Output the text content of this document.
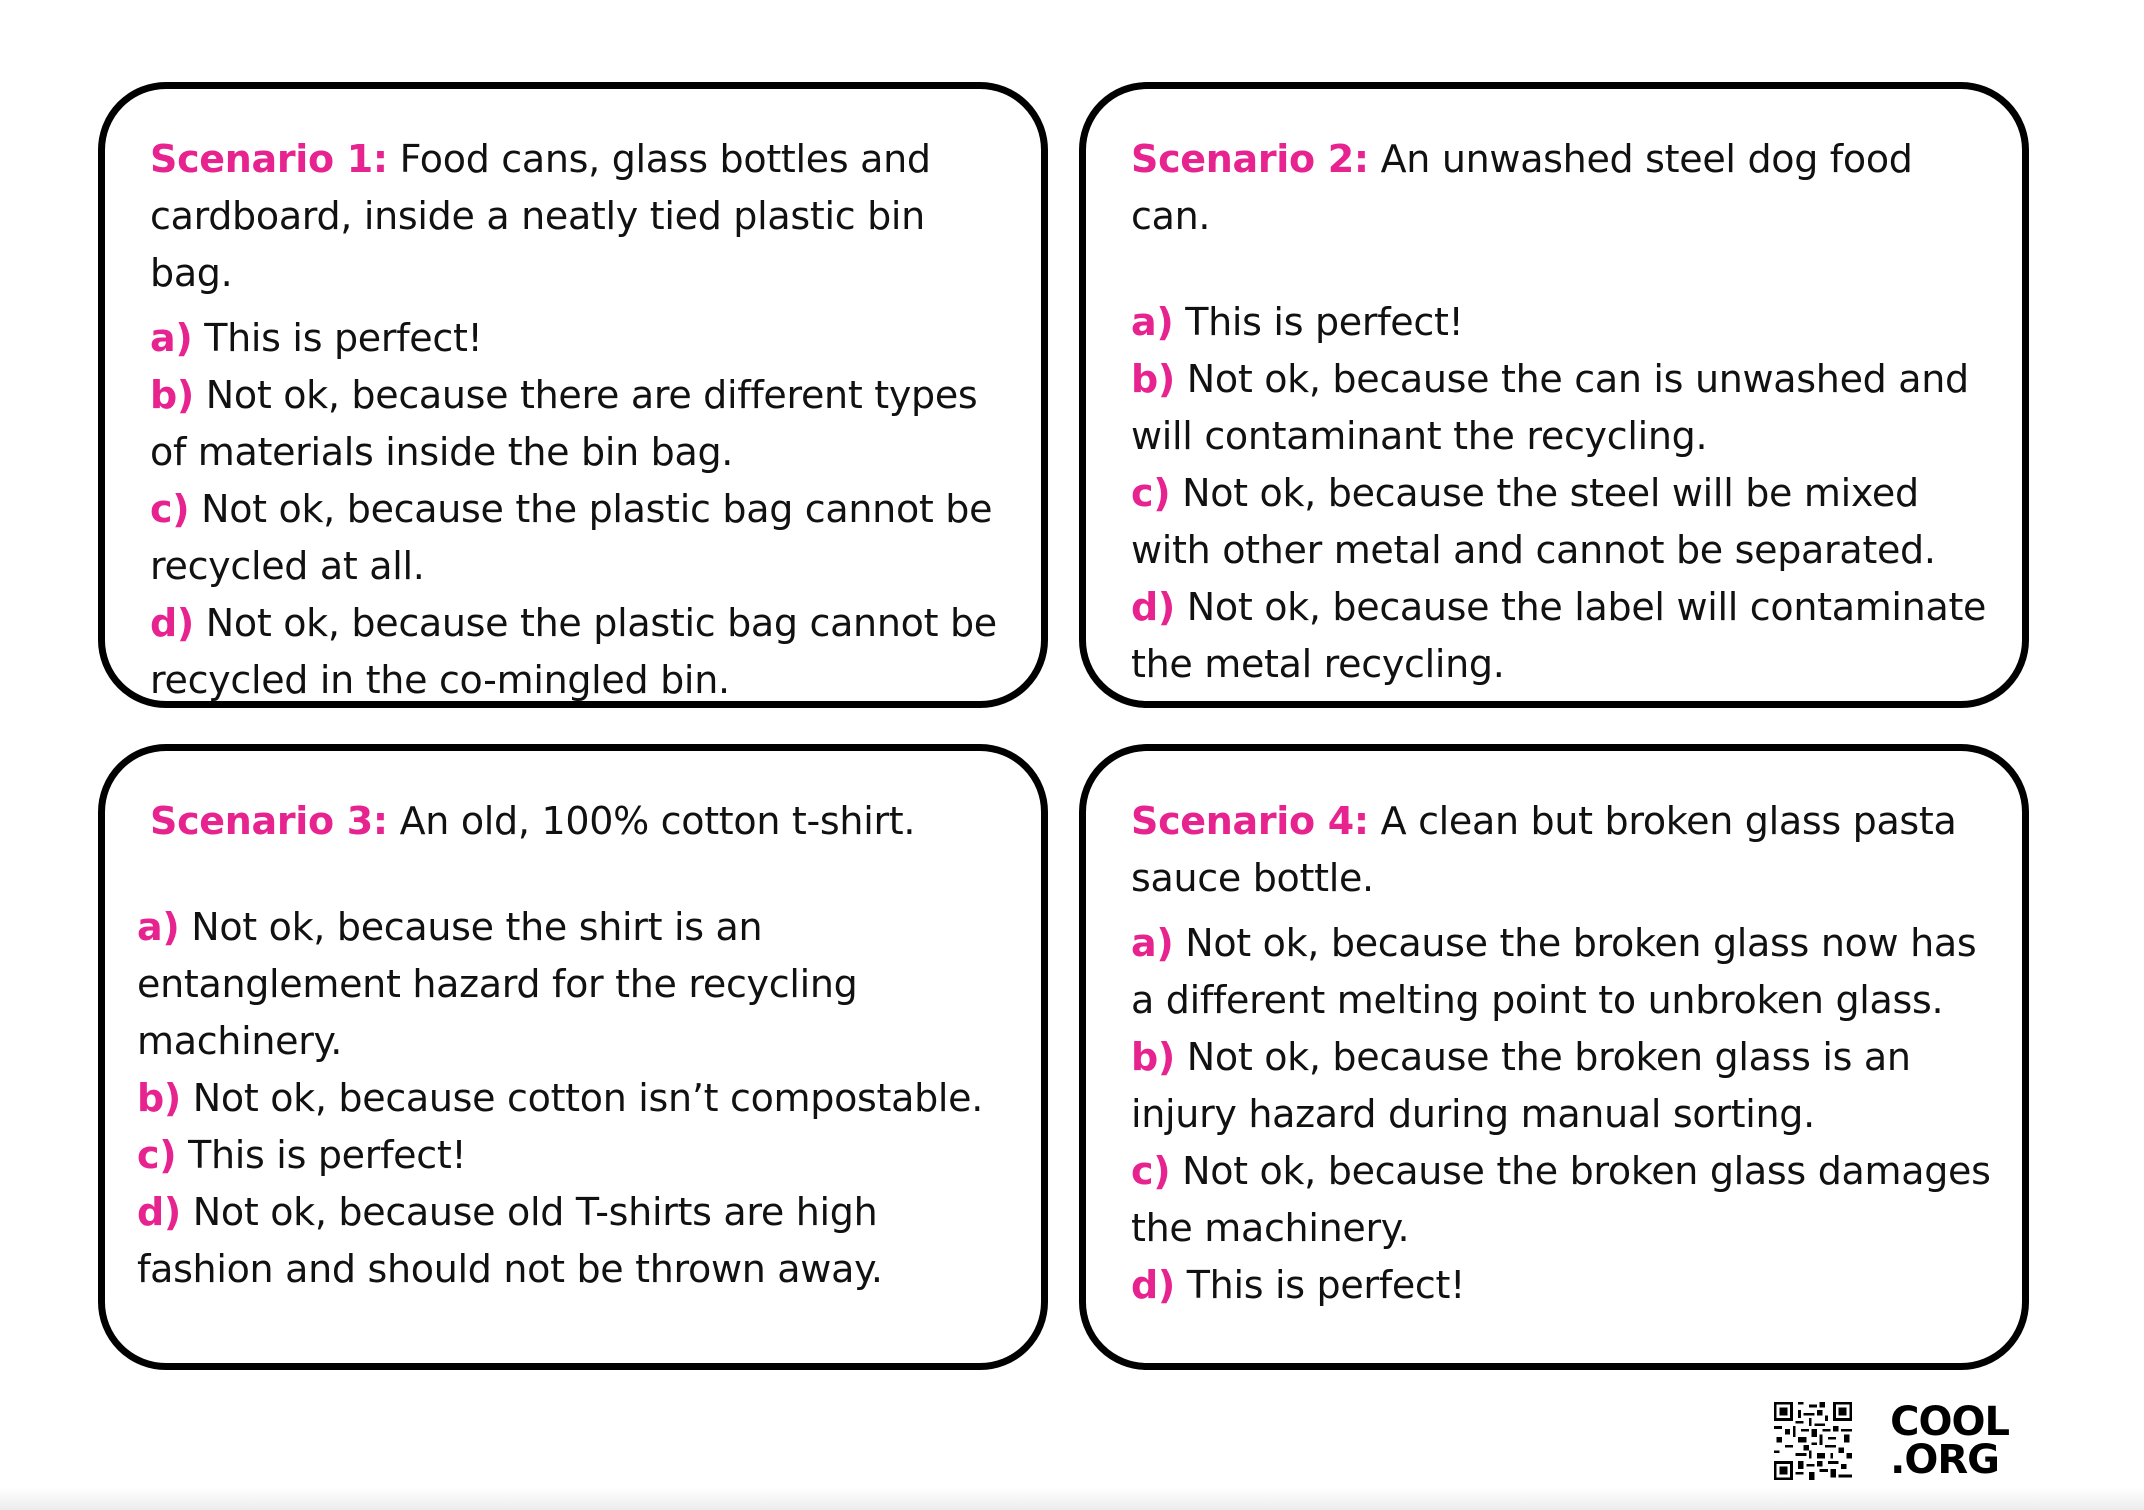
Scenario 1: Food cans, glass bottles and cardboard, inside a neatly tied plastic bin bag.

a) This is perfect!
b) Not ok, because there are different types of materials inside the bin bag.
c) Not ok, because the plastic bag cannot be recycled at all.
d) Not ok, because the plastic bag cannot be recycled in the co-mingled bin.

Scenario 2: An unwashed steel dog food can.

a) This is perfect!
b) Not ok, because the can is unwashed and will contaminant the recycling.
c) Not ok, because the steel will be mixed with other metal and cannot be separated.
d) Not ok, because the label will contaminate the metal recycling.

Scenario 3: An old, 100% cotton t-shirt.

a) Not ok, because the shirt is an entanglement hazard for the recycling machinery.
b) Not ok, because cotton isn’t compostable.
c) This is perfect!
d) Not ok, because old T-shirts are high fashion and should not be thrown away.

Scenario 4: A clean but broken glass pasta sauce bottle.

a) Not ok, because the broken glass now has a different melting point to unbroken glass.
b) Not ok, because the broken glass is an injury hazard during manual sorting.
c) Not ok, because the broken glass damages the machinery.
d) This is perfect!
COOL
.ORG
